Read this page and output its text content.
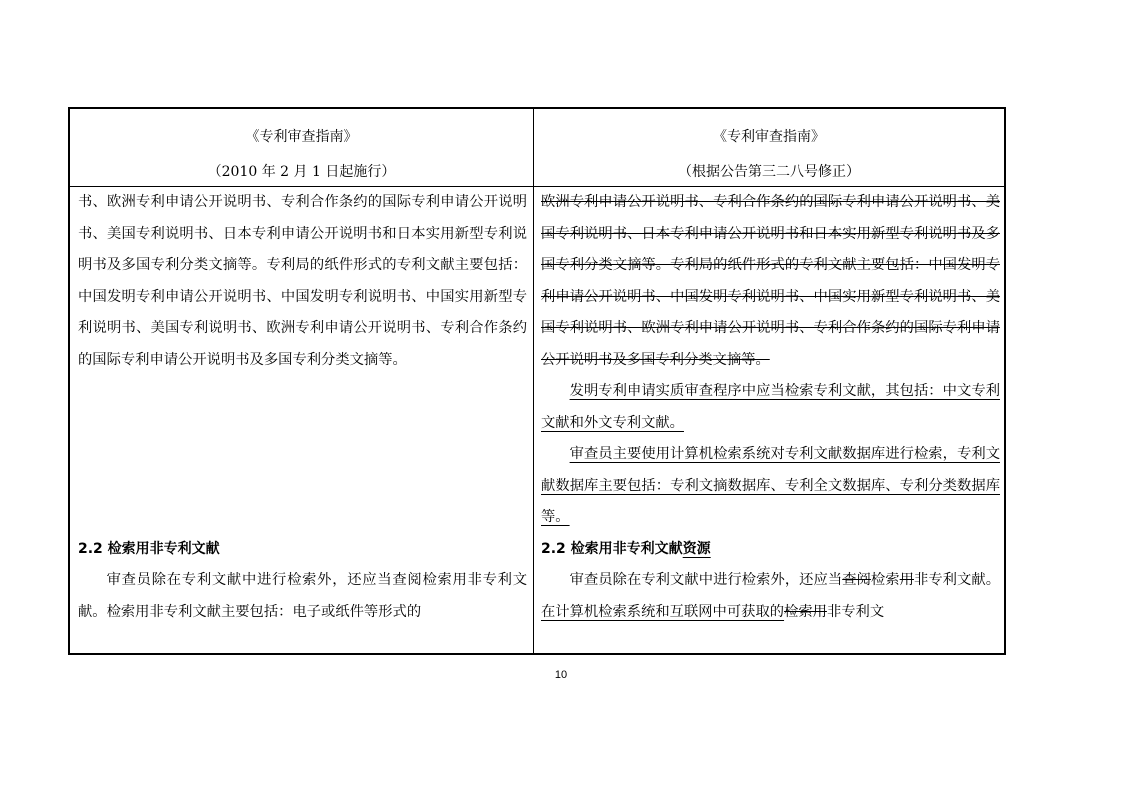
《专利审查指南》
（2010 年 2 月 1 日起施行）
《专利审查指南》
（根据公告第三二八号修正）

书、欧洲专利申请公开说明书、专利合作条约的国际专利申请公开说明书、美国专利说明书、日本专利申请公开说明书和日本实用新型专利说明书及多国专利分类文摘等。专利局的纸件形式的专利文献主要包括：中国发明专利申请公开说明书、中国发明专利说明书、中国实用新型专利说明书、美国专利说明书、欧洲专利申请公开说明书、专利合作条约的国际专利申请公开说明书及多国专利分类文摘等。

2.2 检索用非专利文献

审查员除在专利文献中进行检索外，还应当查阅检索用非专利文献。检索用非专利文献主要包括：电子或纸件等形式的

欧洲专利申请公开说明书、专利合作条约的国际专利申请公开说明书、美国专利说明书、日本专利申请公开说明书和日本实用新型专利说明书及多国专利分类文摘等。专利局的纸件形式的专利文献主要包括：中国发明专利申请公开说明书、中国发明专利说明书、中国实用新型专利说明书、美国专利说明书、欧洲专利申请公开说明书、专利合作条约的国际专利申请公开说明书及多国专利分类文摘等。

发明专利申请实质审查程序中应当检索专利文献，其包括：中文专利文献和外文专利文献。

审查员主要使用计算机检索系统对专利文献数据库进行检索，专利文献数据库主要包括：专利文摘数据库、专利全文数据库、专利分类数据库等。

2.2 检索用非专利文献资源

审查员除在专利文献中进行检索外，还应当查阅检索用非专利文献。在计算机检索系统和互联网中可获取的检索用非专利文

10
